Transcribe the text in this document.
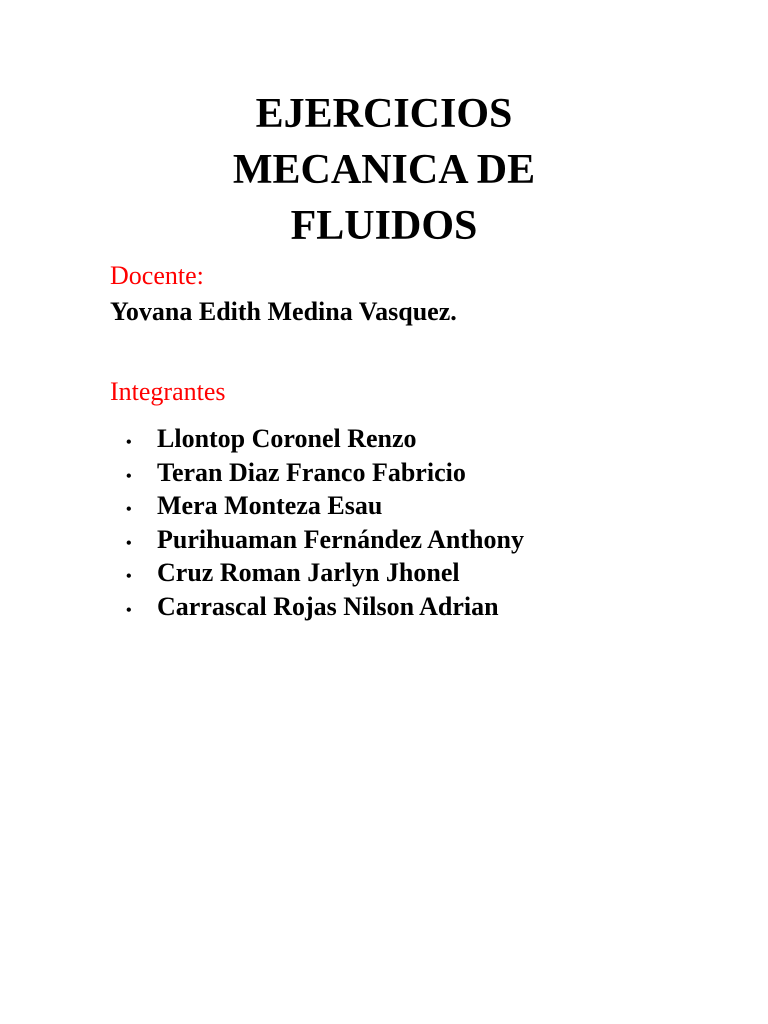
EJERCICIOS
MECANICA DE
FLUIDOS
Docente:
Yovana Edith Medina Vasquez.
Integrantes
• Llontop Coronel Renzo
• Teran Diaz Franco Fabricio
• Mera Monteza Esau
• Purihuaman Fernández Anthony
• Cruz Roman Jarlyn Jhonel
• Carrascal Rojas Nilson Adrian
